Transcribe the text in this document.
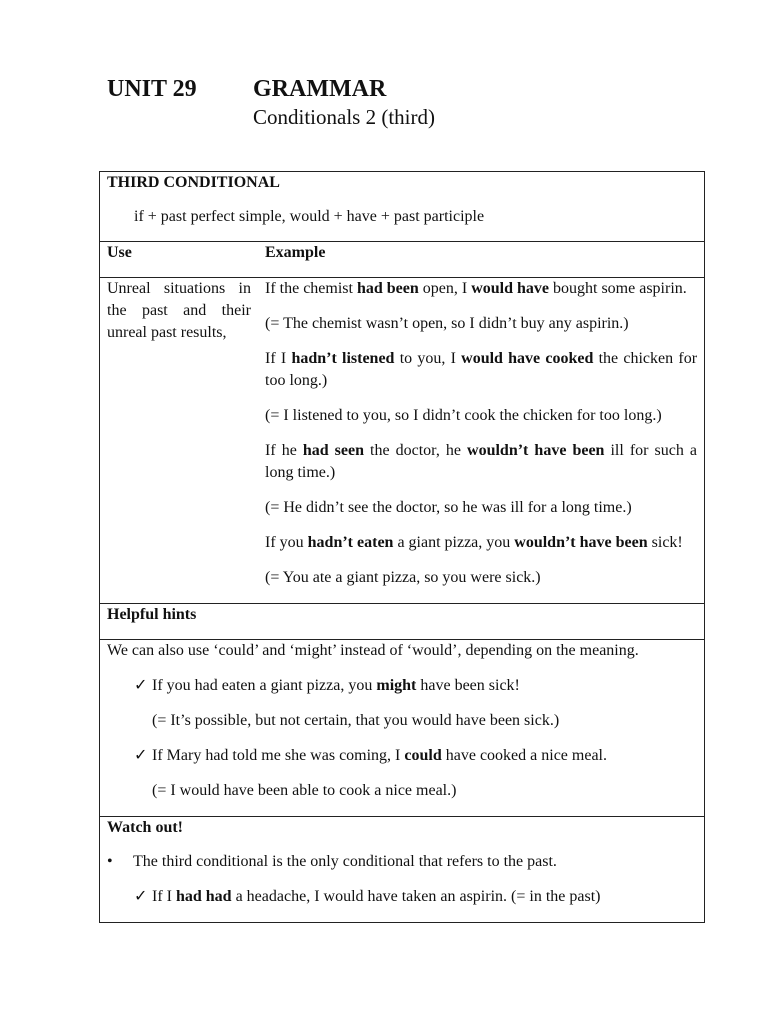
UNIT 29 GRAMMAR
Conditionals 2 (third)
THIRD CONDITIONAL
if + past perfect simple, would + have + past participle
Use	Example
Unreal situations in the past and their unreal past results,

If the chemist had been open, I would have bought some aspirin.

(= The chemist wasn’t open, so I didn’t buy any aspirin.)

If I hadn’t listened to you, I would have cooked the chicken for too long.)

(= I listened to you, so I didn’t cook the chicken for too long.)

If he had seen the doctor, he wouldn’t have been ill for such a long time.)

(= He didn’t see the doctor, so he was ill for a long time.)

If you hadn’t eaten a giant pizza, you wouldn’t have been sick!

(= You ate a giant pizza, so you were sick.)

Helpful hints
We can also use ‘could’ and ‘might’ instead of ‘would’, depending on the meaning.
✓ If you had eaten a giant pizza, you might have been sick!
(= It’s possible, but not certain, that you would have been sick.)
✓ If Mary had told me she was coming, I could have cooked a nice meal.
(= I would have been able to cook a nice meal.)
Watch out!
• The third conditional is the only conditional that refers to the past.
✓ If I had had a headache, I would have taken an aspirin. (= in the past)
